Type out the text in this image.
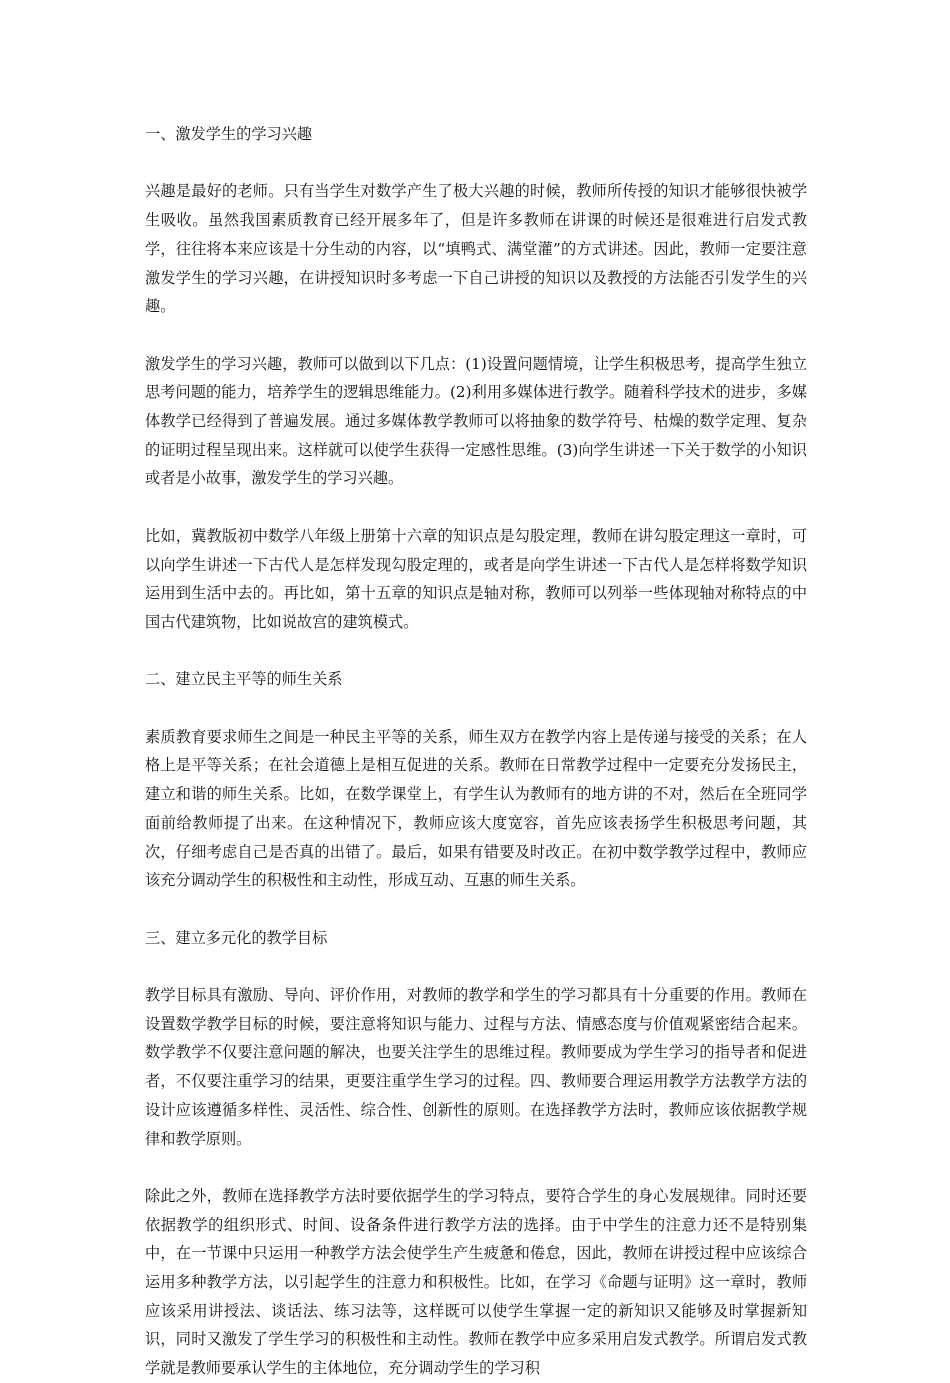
一、激发学生的学习兴趣

兴趣是最好的老师。只有当学生对数学产生了极大兴趣的时候，教师所传授的知识才能够很快被学生吸收。虽然我国素质教育已经开展多年了，但是许多教师在讲课的时候还是很难进行启发式教学，往往将本来应该是十分生动的内容，以“填鸭式、满堂灌”的方式讲述。因此，教师一定要注意激发学生的学习兴趣，在讲授知识时多考虑一下自己讲授的知识以及教授的方法能否引发学生的兴趣。

激发学生的学习兴趣，教师可以做到以下几点：(1)设置问题情境，让学生积极思考，提高学生独立思考问题的能力，培养学生的逻辑思维能力。(2)利用多媒体进行教学。随着科学技术的进步，多媒体教学已经得到了普遍发展。通过多媒体教学教师可以将抽象的数学符号、枯燥的数学定理、复杂的证明过程呈现出来。这样就可以使学生获得一定感性思维。(3)向学生讲述一下关于数学的小知识或者是小故事，激发学生的学习兴趣。

比如，冀教版初中数学八年级上册第十六章的知识点是勾股定理，教师在讲勾股定理这一章时，可以向学生讲述一下古代人是怎样发现勾股定理的，或者是向学生讲述一下古代人是怎样将数学知识运用到生活中去的。再比如，第十五章的知识点是轴对称，教师可以列举一些体现轴对称特点的中国古代建筑物，比如说故宫的建筑模式。

二、建立民主平等的师生关系

素质教育要求师生之间是一种民主平等的关系，师生双方在教学内容上是传递与接受的关系；在人格上是平等关系；在社会道德上是相互促进的关系。教师在日常教学过程中一定要充分发扬民主，建立和谐的师生关系。比如，在数学课堂上，有学生认为教师有的地方讲的不对，然后在全班同学面前给教师提了出来。在这种情况下，教师应该大度宽容，首先应该表扬学生积极思考问题，其次，仔细考虑自己是否真的出错了。最后，如果有错要及时改正。在初中数学教学过程中，教师应该充分调动学生的积极性和主动性，形成互动、互惠的师生关系。

三、建立多元化的教学目标

教学目标具有激励、导向、评价作用，对教师的教学和学生的学习都具有十分重要的作用。教师在设置数学教学目标的时候，要注意将知识与能力、过程与方法、情感态度与价值观紧密结合起来。数学教学不仅要注意问题的解决，也要关注学生的思维过程。教师要成为学生学习的指导者和促进者，不仅要注重学习的结果，更要注重学生学习的过程。四、教师要合理运用教学方法教学方法的设计应该遵循多样性、灵活性、综合性、创新性的原则。在选择教学方法时，教师应该依据教学规律和教学原则。

除此之外，教师在选择教学方法时要依据学生的学习特点，要符合学生的身心发展规律。同时还要依据教学的组织形式、时间、设备条件进行教学方法的选择。由于中学生的注意力还不是特别集中，在一节课中只运用一种教学方法会使学生产生疲惫和倦怠，因此，教师在讲授过程中应该综合运用多种教学方法，以引起学生的注意力和积极性。比如，在学习《命题与证明》这一章时，教师应该采用讲授法、谈话法、练习法等，这样既可以使学生掌握一定的新知识又能够及时掌握新知识，同时又激发了学生学习的积极性和主动性。教师在教学中应多采用启发式教学。所谓启发式教学就是教师要承认学生的主体地位，充分调动学生的学习积
